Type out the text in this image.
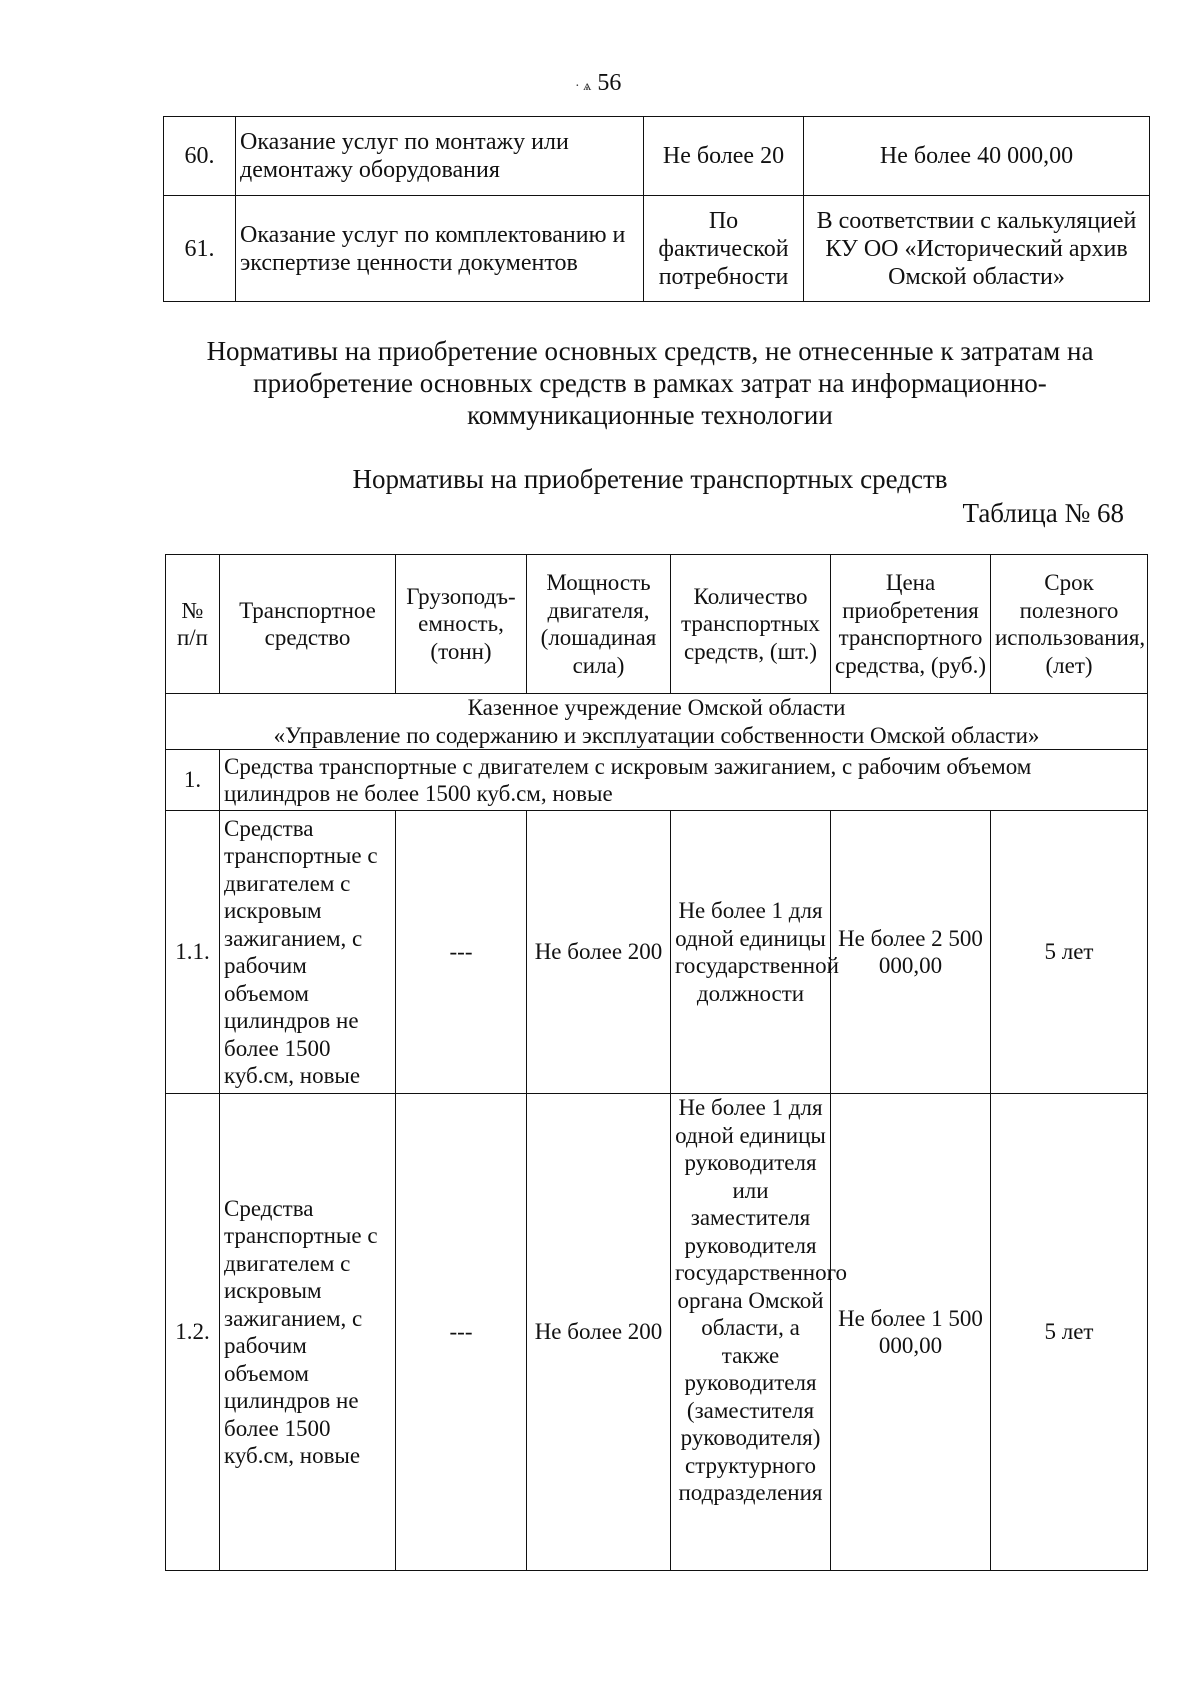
· ѧ 56
60.	Оказание услуг по монтажу или демонтажу оборудования	Не более 20	Не более 40 000,00
61.	Оказание услуг по комплектованию и экспертизе ценности документов	По фактической потребности	В соответствии с калькуляцией КУ ОО «Исторический архив Омской области»
Нормативы на приобретение основных средств, не отнесенные к затратам на приобретение основных средств в рамках затрат на информационно-коммуникационные технологии
Нормативы на приобретение транспортных средств
Таблица № 68
№ п/п	Транспортное средство	Грузоподъ-емность, (тонн)	Мощность двигателя, (лошадиная сила)	Количество транспортных средств, (шт.)	Цена приобретения транспортного средства, (руб.)	Срок полезного использования, (лет)

Казенное учреждение Омской области
«Управление по содержанию и эксплуатации собственности Омской области»						

1.	Средства транспортные с двигателем с искровым зажиганием, с рабочим объемом цилиндров не более 1500 куб.см, новые					
1.1.	Средства транспортные с двигателем с искровым зажиганием, с рабочим объемом цилиндров не более 1500 куб.см, новые	---	Не более 200	Не более 1 для одной единицы государственной должности	Не более 2 500 000,00	5 лет
1.2.	Средства транспортные с двигателем с искровым зажиганием, с рабочим объемом цилиндров не более 1500 куб.см, новые	---	Не более 200	Не более 1 для одной единицы руководителя или заместителя руководителя государственного органа Омской области, а также руководителя (заместителя руководителя) структурного подразделения	Не более 1 500 000,00	5 лет
